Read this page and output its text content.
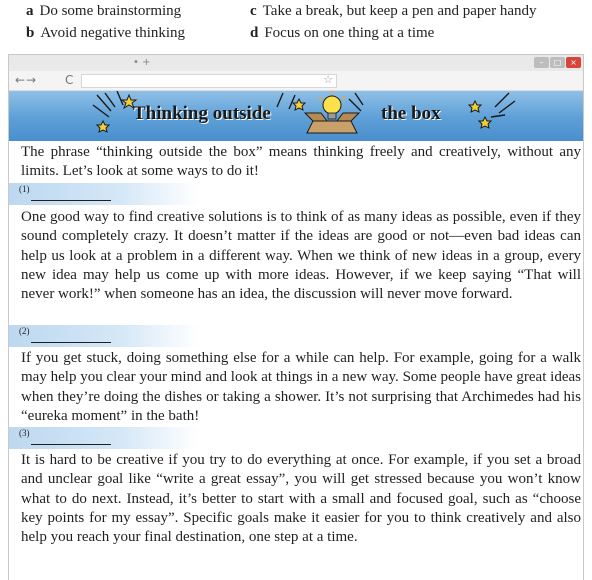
a Do some brainstorming
b Avoid negative thinking
c Take a break, but keep a pen and paper handy
d Focus on one thing at a time
• +	–	□	×
←→ C	☆
Thinking outside	the box

The phrase “thinking outside the box” means thinking freely and creatively, without any limits. Let’s look at some ways to do it!

(1)

One good way to find creative solutions is to think of as many ideas as possible, even if they sound completely crazy. It doesn’t matter if the ideas are good or not—even bad ideas can help us look at a problem in a different way. When we think of new ideas in a group, every new idea may help us come up with more ideas. However, if we keep saying “That will never work!” when someone has an idea, the discussion will never move forward.

(2)

If you get stuck, doing something else for a while can help. For example, going for a walk may help you clear your mind and look at things in a new way. Some people have great ideas when they’re doing the dishes or taking a shower. It’s not surprising that Archimedes had his “eureka moment” in the bath!

(3)

It is hard to be creative if you try to do everything at once. For example, if you set a broad and unclear goal like “write a great essay”, you will get stressed because you won’t know what to do next. Instead, it’s better to start with a small and focused goal, such as “choose key points for my essay”. Specific goals make it easier for you to think creatively and also help you reach your final destination, one step at a time.
